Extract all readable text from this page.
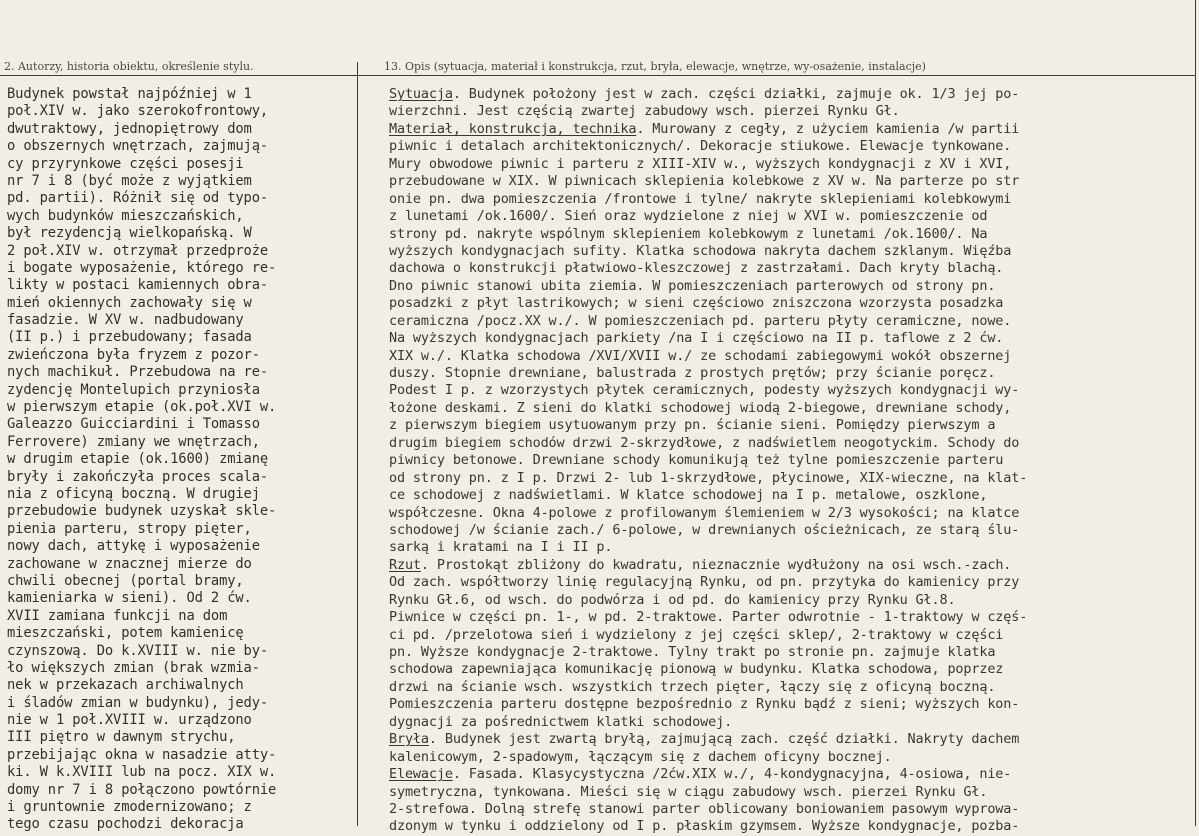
2. Autorzy, historia obiektu, określenie stylu.	13. Opis (sytuacja, materiał i konstrukcja, rzut, bryła, elewacje, wnętrze, wy-osażenie, instalacje)
Budynek powstał najpóźniej w 1
poł.XIV w. jako szerokofrontowy,
dwutraktowy, jednopiętrowy dom
o obszernych wnętrzach, zajmują-
cy przyrynkowe części posesji
nr 7 i 8 (być może z wyjątkiem
pd. partii). Różnił się od typo-
wych budynków mieszczańskich,
był rezydencją wielkopańską. W
2 poł.XIV w. otrzymał przedproże
i bogate wyposażenie, którego re-
likty w postaci kamiennych obra-
mień okiennych zachowały się w
fasadzie. W XV w. nadbudowany
(II p.) i przebudowany; fasada
zwieńczona była fryzem z pozor-
nych machikuł. Przebudowa na re-
zydencję Montelupich przyniosła
w pierwszym etapie (ok.poł.XVI w.
Galeazzo Guicciardini i Tomasso
Ferrovere) zmiany we wnętrzach,
w drugim etapie (ok.1600) zmianę
bryły i zakończyła proces scala-
nia z oficyną boczną. W drugiej
przebudowie budynek uzyskał skle-
pienia parteru, stropy pięter,
nowy dach, attykę i wyposażenie
zachowane w znacznej mierze do
chwili obecnej (portal bramy,
kamieniarka w sieni). Od 2 ćw.
XVII zamiana funkcji na dom
mieszczański, potem kamienicę
czynszową. Do k.XVIII w. nie by-
ło większych zmian (brak wzmia-
nek w przekazach archiwalnych
i śladów zmian w budynku), jedy-
nie w 1 poł.XVIII w. urządzono
III piętro w dawnym strychu,
przebijając okna w nasadzie atty-
ki. W k.XVIII lub na pocz. XIX w.
domy nr 7 i 8 połączono powtórnie
i gruntownie zmodernizowano; z
tego czasu pochodzi dekoracja
Sytuacja. Budynek położony jest w zach. części działki, zajmuje ok. 1/3 jej po-
wierzchni. Jest częścią zwartej zabudowy wsch. pierzei Rynku Gł.
Materiał, konstrukcja, technika. Murowany z cegły, z użyciem kamienia /w partii
piwnic i detalach architektonicznych/. Dekoracje stiukowe. Elewacje tynkowane.
Mury obwodowe piwnic i parteru z XIII-XIV w., wyższych kondygnacji z XV i XVI,
przebudowane w XIX. W piwnicach sklepienia kolebkowe z XV w. Na parterze po str
onie pn. dwa pomieszczenia /frontowe i tylne/ nakryte sklepieniami kolebkowymi
z lunetami /ok.1600/. Sień oraz wydzielone z niej w XVI w. pomieszczenie od
strony pd. nakryte wspólnym sklepieniem kolebkowym z lunetami /ok.1600/. Na
wyższych kondygnacjach sufity. Klatka schodowa nakryta dachem szklanym. Więźba
dachowa o konstrukcji płatwiowo-kleszczowej z zastrzałami. Dach kryty blachą.
Dno piwnic stanowi ubita ziemia. W pomieszczeniach parterowych od strony pn.
posadzki z płyt lastrikowych; w sieni częściowo zniszczona wzorzysta posadzka
ceramiczna /pocz.XX w./. W pomieszczeniach pd. parteru płyty ceramiczne, nowe.
Na wyższych kondygnacjach parkiety /na I i częściowo na II p. taflowe z 2 ćw.
XIX w./. Klatka schodowa /XVI/XVII w./ ze schodami zabiegowymi wokół obszernej
duszy. Stopnie drewniane, balustrada z prostych prętów; przy ścianie poręcz.
Podest I p. z wzorzystych płytek ceramicznych, podesty wyższych kondygnacji wy-
łożone deskami. Z sieni do klatki schodowej wiodą 2-biegowe, drewniane schody,
z pierwszym biegiem usytuowanym przy pn. ścianie sieni. Pomiędzy pierwszym a
drugim biegiem schodów drzwi 2-skrzydłowe, z nadświetlem neogotyckim. Schody do
piwnicy betonowe. Drewniane schody komunikują też tylne pomieszczenie parteru
od strony pn. z I p. Drzwi 2- lub 1-skrzydłowe, płycinowe, XIX-wieczne, na klat-
ce schodowej z nadświetlami. W klatce schodowej na I p. metalowe, oszklone,
współczesne. Okna 4-polowe z profilowanym ślemieniem w 2/3 wysokości; na klatce
schodowej /w ścianie zach./ 6-polowe, w drewnianych ościeżnicach, ze starą ślu-
sarką i kratami na I i II p.
Rzut. Prostokąt zbliżony do kwadratu, nieznacznie wydłużony na osi wsch.-zach.
Od zach. współtworzy linię regulacyjną Rynku, od pn. przytyka do kamienicy przy
Rynku Gł.6, od wsch. do podwórza i od pd. do kamienicy przy Rynku Gł.8.
Piwnice w części pn. 1-, w pd. 2-traktowe. Parter odwrotnie - 1-traktowy w częś-
ci pd. /przelotowa sień i wydzielony z jej części sklep/, 2-traktowy w części
pn. Wyższe kondygnacje 2-traktowe. Tylny trakt po stronie pn. zajmuje klatka
schodowa zapewniająca komunikację pionową w budynku. Klatka schodowa, poprzez
drzwi na ścianie wsch. wszystkich trzech pięter, łączy się z oficyną boczną.
Pomieszczenia parteru dostępne bezpośrednio z Rynku bądź z sieni; wyższych kon-
dygnacji za pośrednictwem klatki schodowej.
Bryła. Budynek jest zwartą bryłą, zajmującą zach. część działki. Nakryty dachem
kalenicowym, 2-spadowym, łączącym się z dachem oficyny bocznej.
Elewacje. Fasada. Klasycystyczna /2ćw.XIX w./, 4-kondygnacyjna, 4-osiowa, nie-
symetryczna, tynkowana. Mieści się w ciągu zabudowy wsch. pierzei Rynku Gł.
2-strefowa. Dolną strefę stanowi parter oblicowany boniowaniem pasowym wyprowa-
dzonym w tynku i oddzielony od I p. płaskim gzymsem. Wyższe kondygnacje, pozba-
